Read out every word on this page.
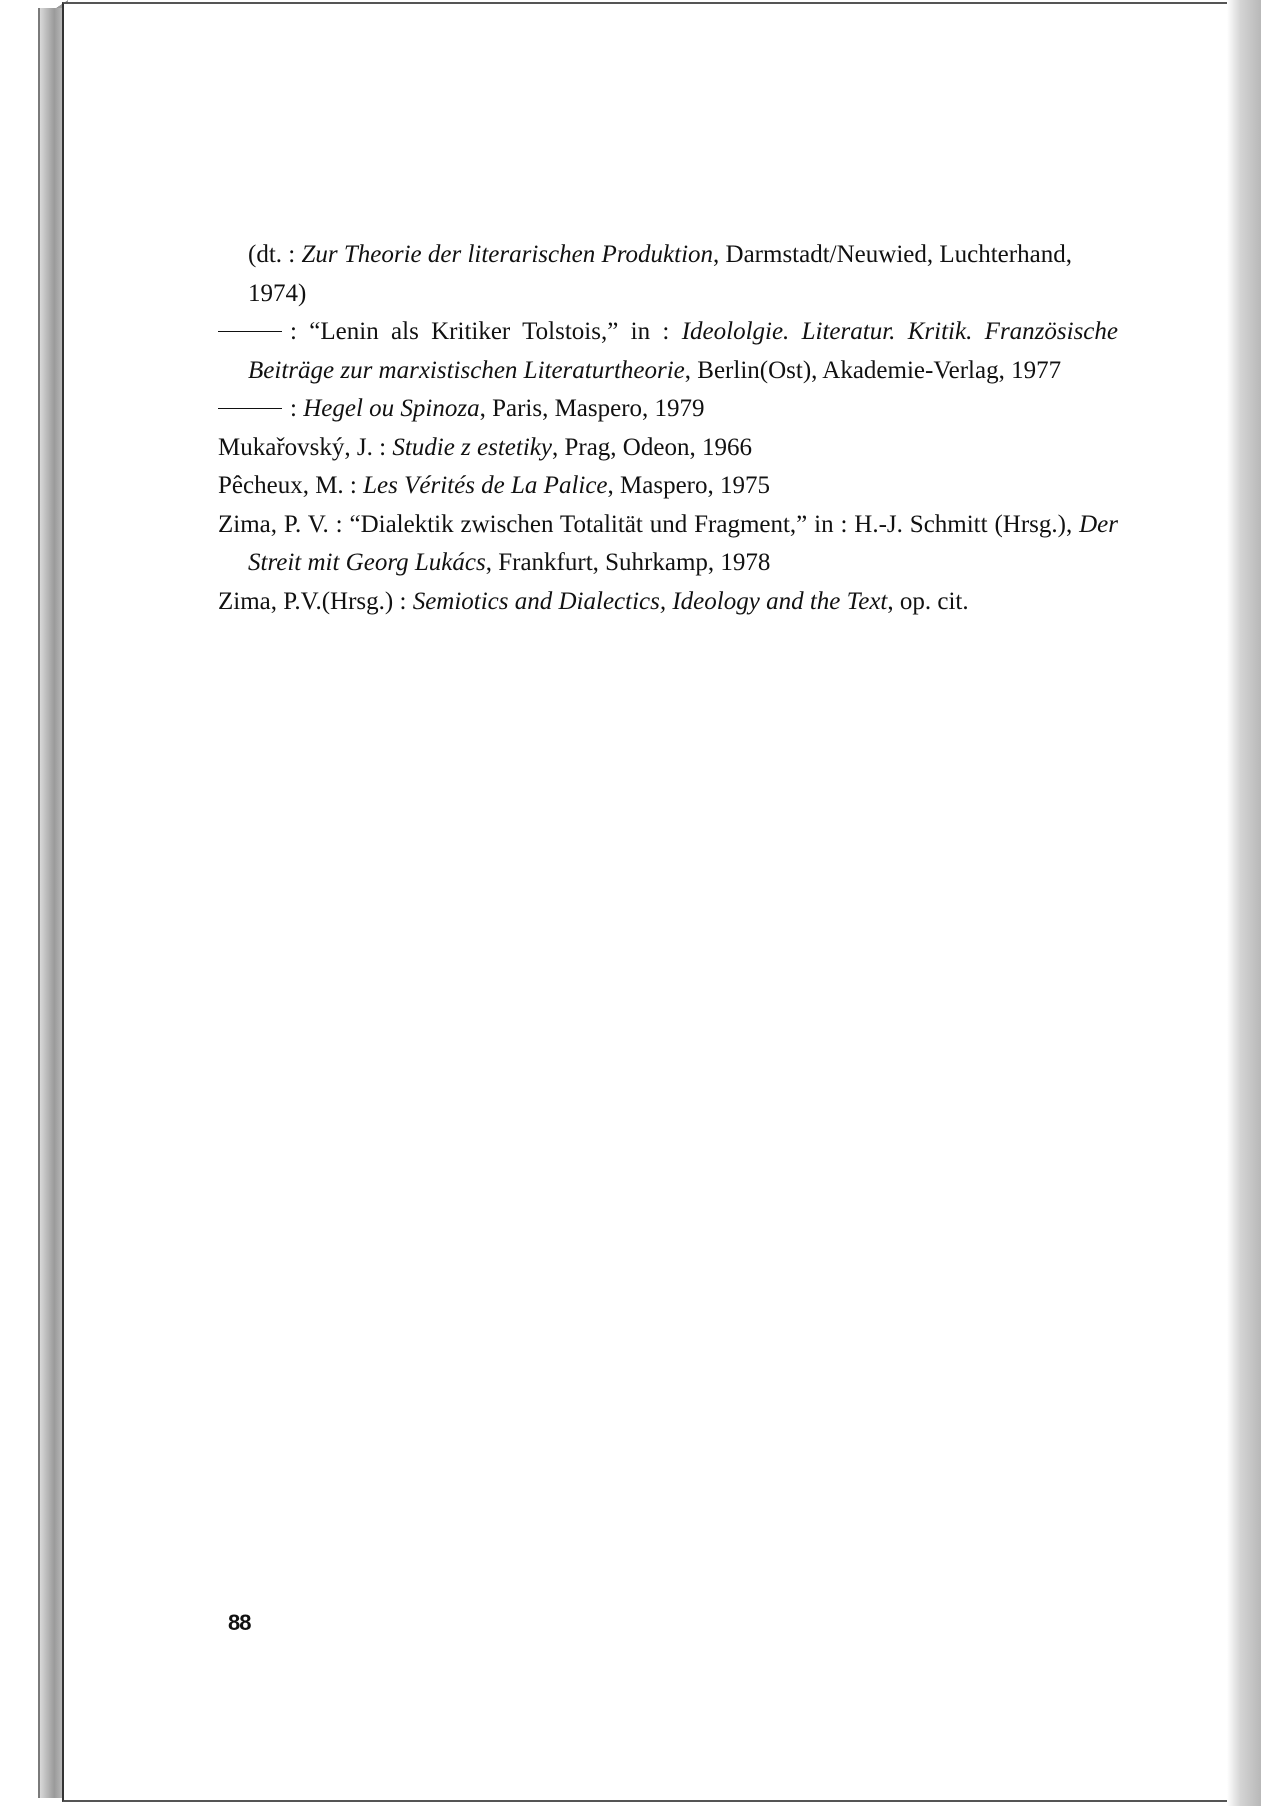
(dt. : Zur Theorie der literarischen Produktion, Darmstadt/Neuwied, Luchterhand,

1974)

: “Lenin als Kritiker Tolstois,” in : Ideololgie. Literatur. Kritik. Französische Beiträge zur marxistischen Literaturtheorie, Berlin(Ost), Akademie-Verlag, 1977

: Hegel ou Spinoza, Paris, Maspero, 1979

Mukařovský, J. : Studie z estetiky, Prag, Odeon, 1966

Pêcheux, M. : Les Vérités de La Palice, Maspero, 1975

Zima, P. V. : “Dialektik zwischen Totalität und Fragment,” in : H.-J. Schmitt (Hrsg.), Der Streit mit Georg Lukács, Frankfurt, Suhrkamp, 1978

Zima, P.V.(Hrsg.) : Semiotics and Dialectics, Ideology and the Text, op. cit.

88
